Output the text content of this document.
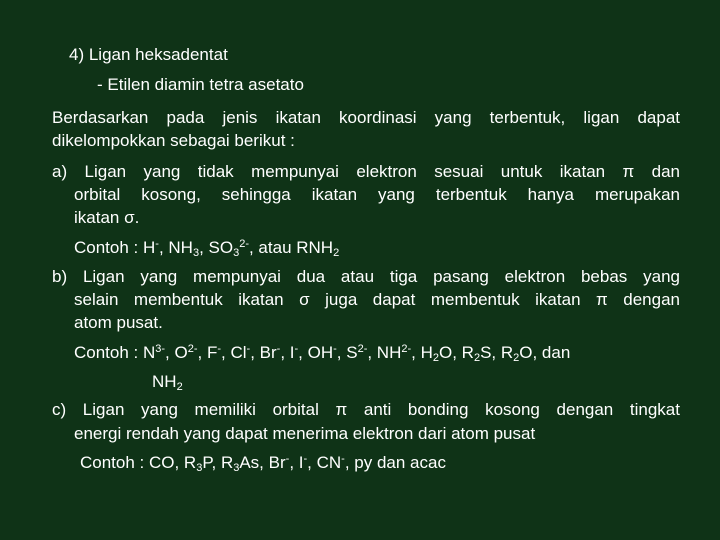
4) Ligan heksadentat
- Etilen diamin tetra asetato
Berdasarkan pada jenis ikatan koordinasi yang terbentuk, ligan dapat
dikelompokkan sebagai berikut :
a) Ligan yang tidak mempunyai elektron sesuai untuk ikatan π dan
orbital kosong, sehingga ikatan yang terbentuk hanya merupakan
ikatan σ.
Contoh : H-, $NH_3$, $SO_3^{2-}$, atau $RNH_2$
b) Ligan yang mempunyai dua atau tiga pasang elektron bebas yang
selain membentuk ikatan σ juga dapat membentuk ikatan π dengan
atom pusat.
Contoh : $N^{3-}$, $O^{2-}$, F-, Cl-, Br-, I-, OH-, $S^{2-}$, $NH^{2-}$, $H_2O$, $R_2S$, $R_2O$, dan
$NH_2$
c) Ligan yang memiliki orbital π anti bonding kosong dengan tingkat
energi rendah yang dapat menerima elektron dari atom pusat
Contoh : CO, $R_3P$, $R_3As$, Br-, I-, CN-, py dan acac
